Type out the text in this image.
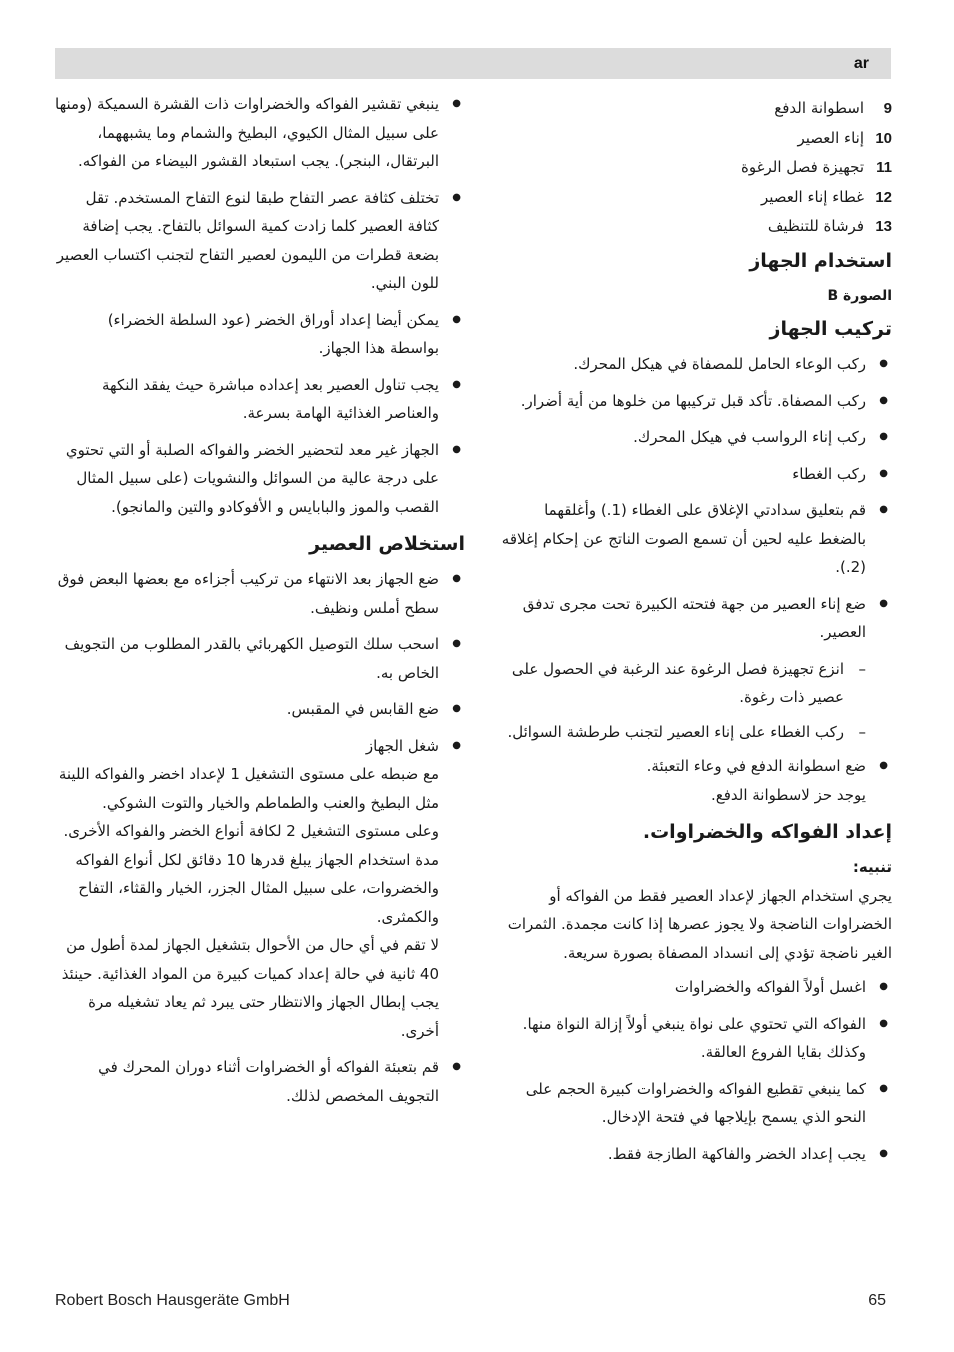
ar
9اسطوانة الدفع
10إناء العصير
11تجهيزة فصل الرغوة
12غطاء إناء العصير
13فرشاة للتنظيف
استخدام الجهاز
الصورة B
تركيب الجهاز
● ركب الوعاء الحامل للمصفاة في هيكل المحرك.
● ركب المصفاة. تأكد قبل تركيبها من خلوها من أية أضرار.
● ركب إناء الرواسب في هيكل المحرك.
● ركب الغطاء
● قم بتعليق سدادتي الإغلاق على الغطاء (1.) وأغلقهما بالضغط عليه لحين أن تسمع الصوت الناتج عن إحكام إغلاقه (2.).
● ضع إناء العصير من جهة فتحته الكبيرة تحت مجرى تدفق العصير.
– انزع تجهيزة فصل الرغوة عند الرغبة في الحصول على عصير ذات رغوة.
– ركب الغطاء على إناء العصير لتجنب طرطشة السوائل.
● ضع اسطوانة الدفع في وعاء التعبئة.
يوجد حز لاسطوانة الدفع.
إعداد الفواكه والخضراوات.
تنبيه:

يجري استخدام الجهاز لإعداد العصير فقط من الفواكه أو الخضراوات الناضجة ولا يجوز عصرها إذا كانت مجمدة. الثمرات الغير ناضجة تؤدي إلى انسداد المصفاة بصورة سريعة.

● اغسل أولاً الفواكه والخضراوات
● الفواكه التي تحتوي على نواة ينبغي أولاً إزالة النواة منها. وكذلك بقايا الفروع العالقة.
● كما ينبغي تقطيع الفواكه والخضراوات كبيرة الحجم على النحو الذي يسمح بإيلاجها في فتحة الإدخال.
● يجب إعداد الخضر والفاكهة الطازجة فقط.
● ينبغي تقشير الفواكه والخضراوات ذات القشرة السميكة (ومنها على سبيل المثال الكيوي، البطيخ والشمام وما يشبههما، البرتقال، البنجر). يجب استبعاد القشور البيضاء من الفواكه.
● تختلف كثافة عصر التفاح طبقا لنوع التفاح المستخدم. تقل كثافة العصير كلما زادت كمية السوائل بالتفاح. يجب إضافة بضعة قطرات من الليمون لعصير التفاح لتجنب اكتساب العصير للون البني.
● يمكن أيضا إعداد أوراق الخضر (عود السلطة الخضراء) بواسطة هذا الجهاز.
● يجب تناول العصير بعد إعداده مباشرة حيث يفقد النكهة والعناصر الغذائية الهامة بسرعة.
● الجهاز غير معد لتحضير الخضر والفواكه الصلبة أو التي تحتوي على درجة عالية من السوائل والنشويات (على سبيل المثال القصب والموز والبابايس و الأفوكادو والتين والمانجو).
استخلاص العصير
● ضع الجهاز بعد الانتهاء من تركيب أجزاءه مع بعضها البعض فوق سطح أملس ونظيف.
● اسحب سلك التوصيل الكهربائي بالقدر المطلوب من التجويف الخاص به.
● ضع القابس في المقبس.
● شغل الجهاز

مع ضبطه على مستوى التشغيل 1 لإعداد اخضر والفواكه اللينة مثل البطيخ والعنب والطماطم والخيار والتوت الشوكي.

وعلى مستوى التشغيل 2 لكافة أنواع الخضر والفواكه الأخرى.

مدة استخدام الجهاز يبلغ قدرها 10 دقائق لكل أنواع الفواكه والخضروات، على سبيل المثال الجزر، الخيار والقثاء، التفاح والكمثرى.

لا تقم في أي حال من الأحوال بتشغيل الجهاز لمدة أطول من 40 ثانية في حالة إعداد كميات كبيرة من المواد الغذائية. حينئذ يجب إبطال الجهاز والانتظار حتى يبرد ثم يعاد تشغيله مرة أخرى.

● قم بتعبئة الفواكه أو الخضراوات أثناء دوران المحرك في التجويف المخصص لذلك.
Robert Bosch Hausgeräte GmbH	65
